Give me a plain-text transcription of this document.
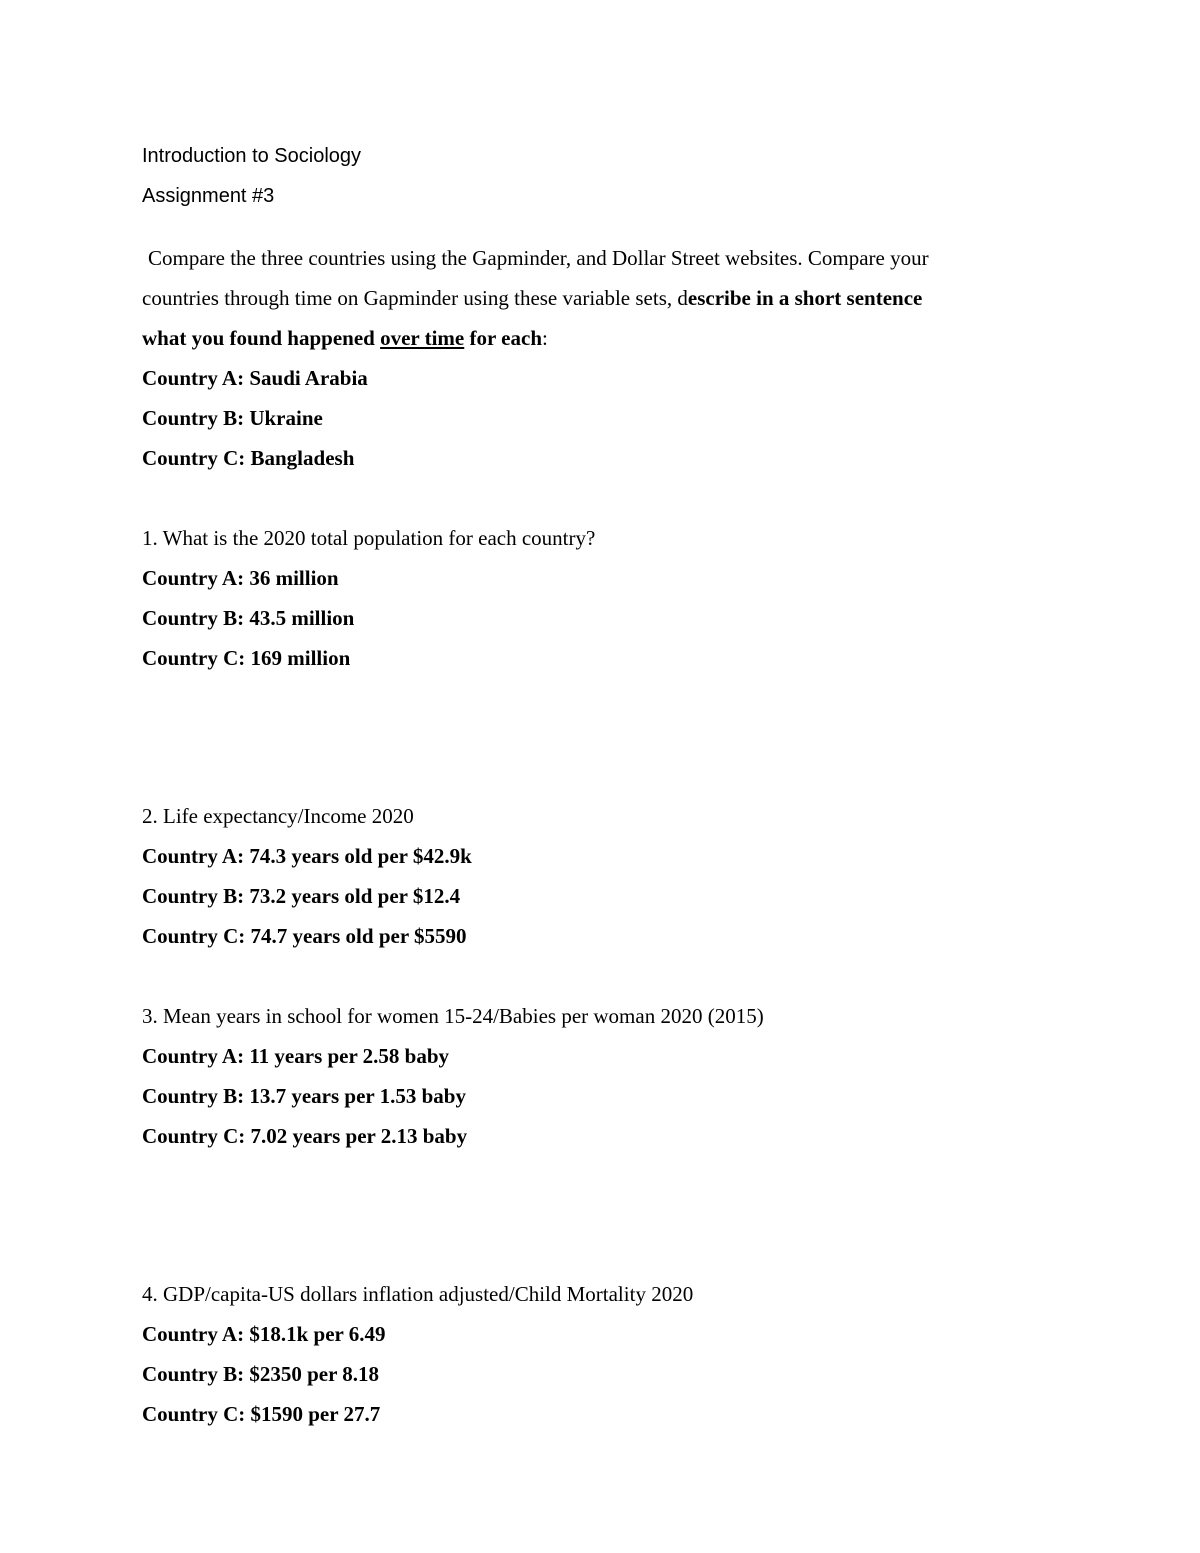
Introduction to Sociology
Assignment #3
Compare the three countries using the Gapminder, and Dollar Street websites. Compare your
countries through time on Gapminder using these variable sets, describe in a short sentence
what you found happened over time for each:
Country A: Saudi Arabia
Country B: Ukraine
Country C: Bangladesh
1. What is the 2020 total population for each country?
Country A: 36 million
Country B: 43.5 million
Country C: 169 million
2. Life expectancy/Income 2020
Country A: 74.3 years old per $42.9k
Country B: 73.2 years old per $12.4
Country C: 74.7 years old per $5590
3. Mean years in school for women 15-24/Babies per woman 2020 (2015)
Country A: 11 years per 2.58 baby
Country B: 13.7 years per 1.53 baby
Country C: 7.02 years per 2.13 baby
4. GDP/capita-US dollars inflation adjusted/Child Mortality 2020
Country A: $18.1k per 6.49
Country B: $2350 per 8.18
Country C: $1590 per 27.7
